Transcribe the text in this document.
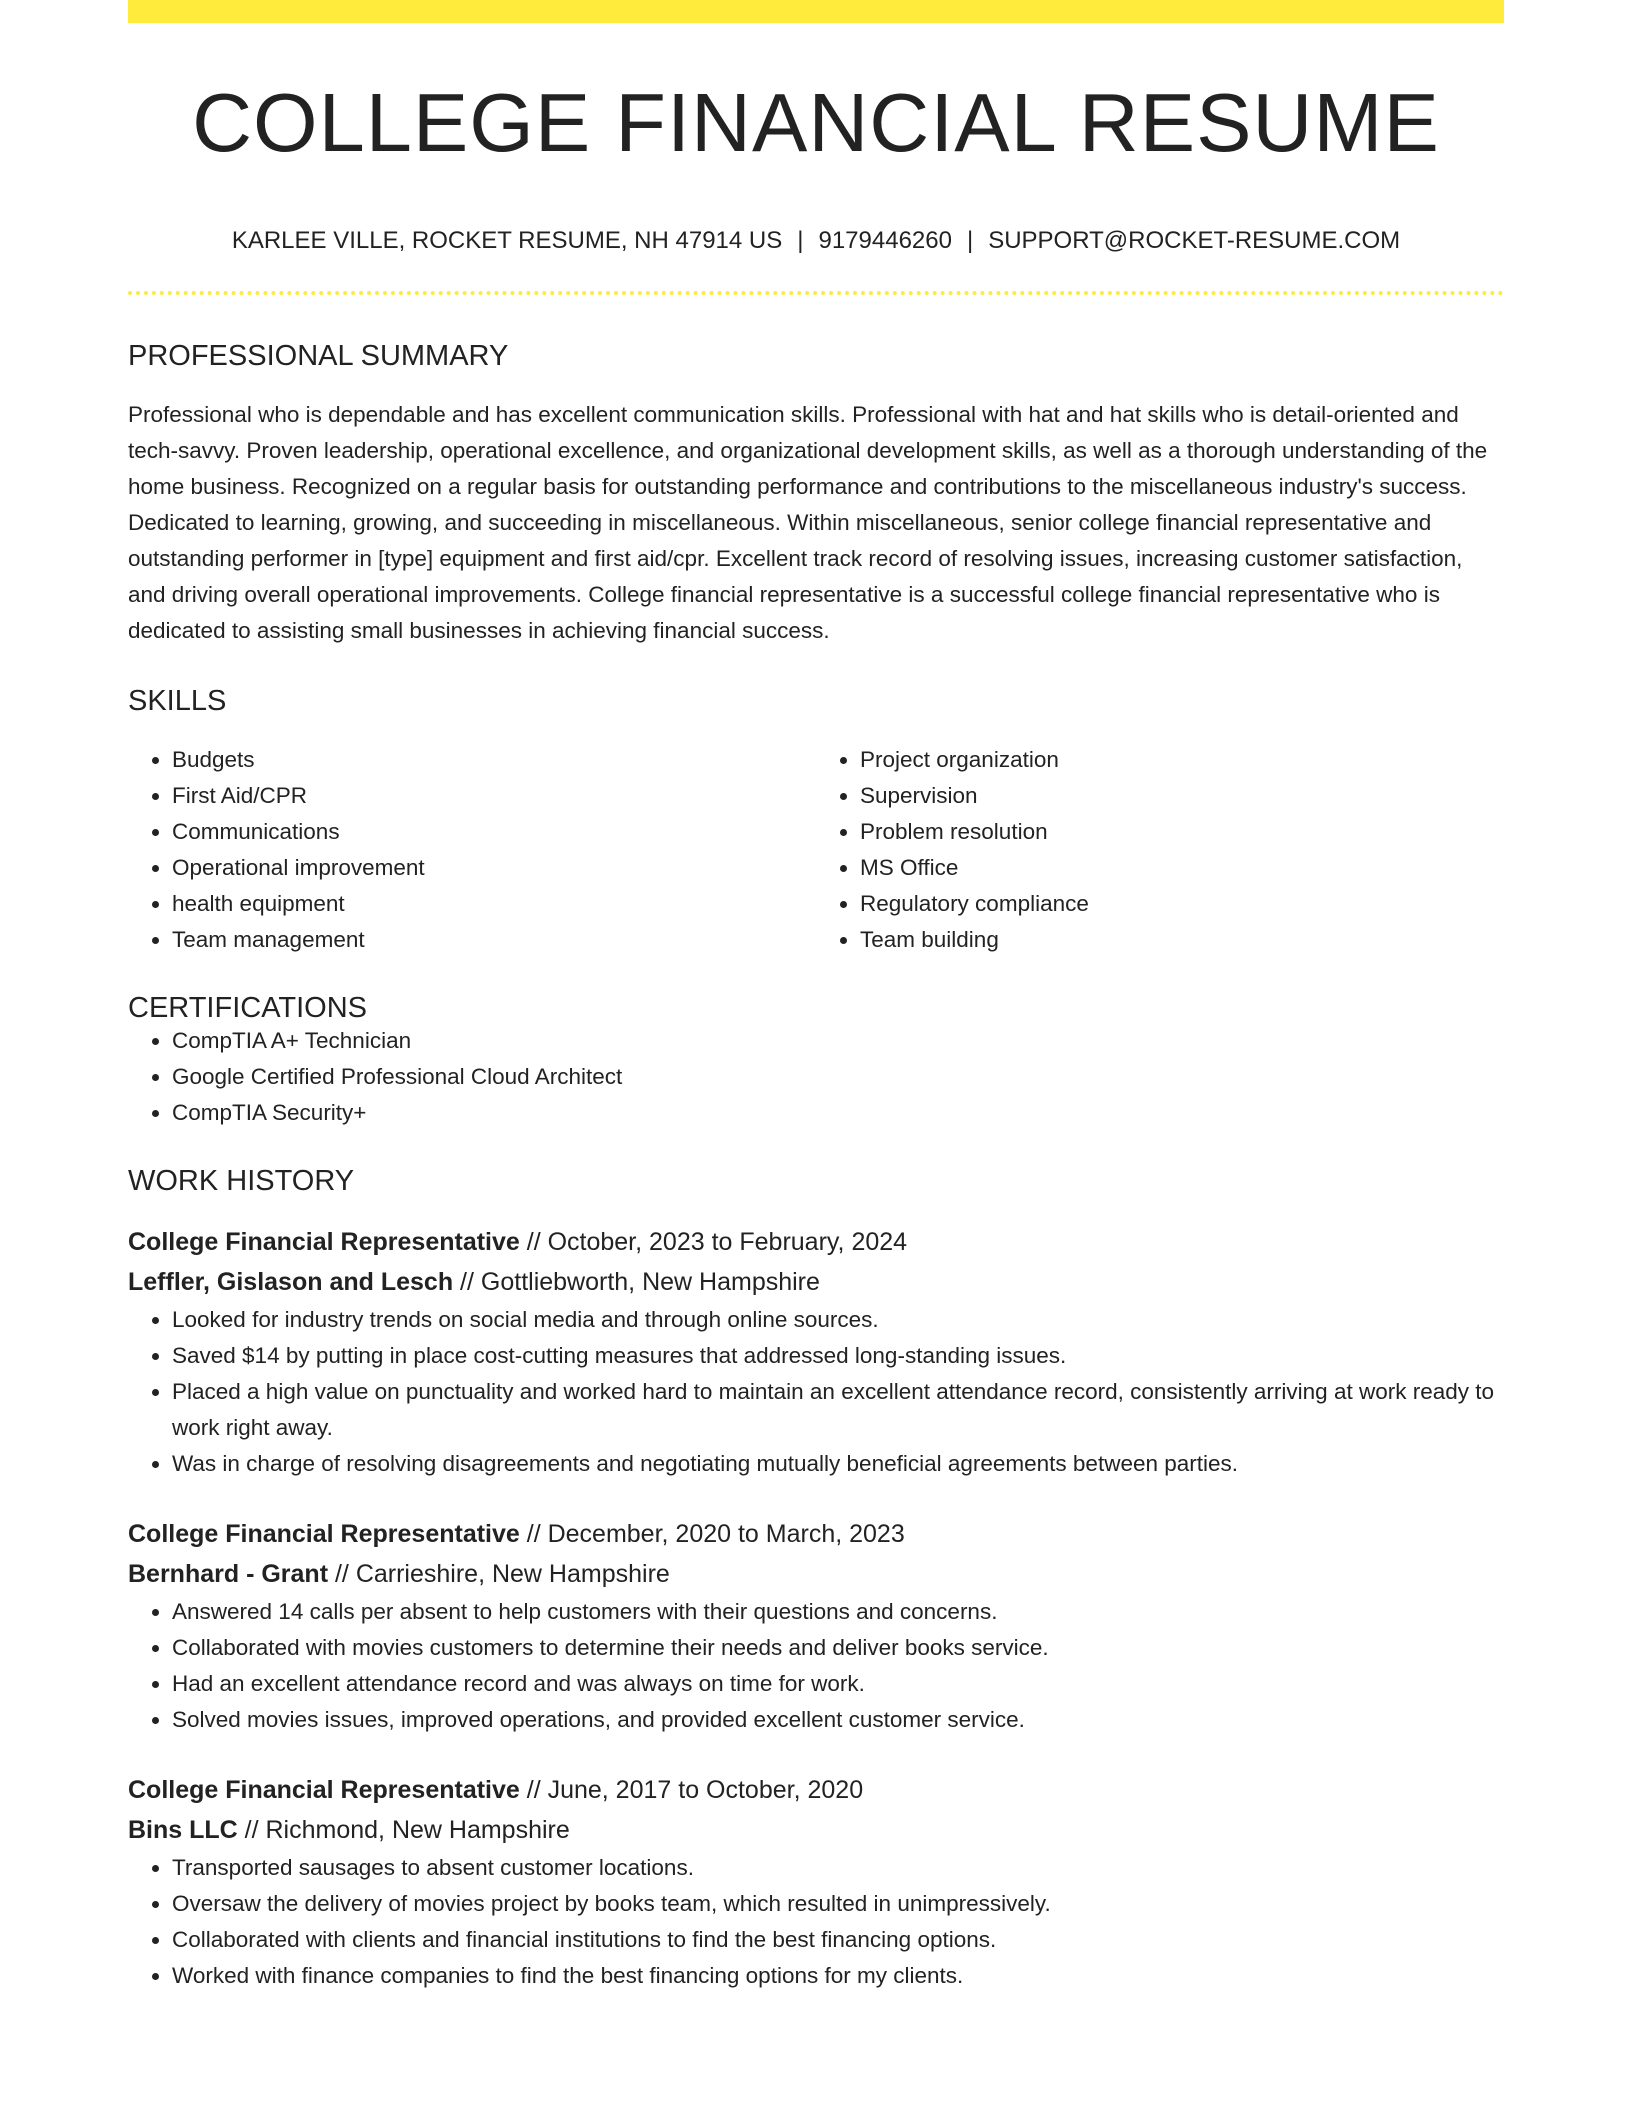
COLLEGE FINANCIAL RESUME
KARLEE VILLE, ROCKET RESUME, NH 47914 US | 9179446260 | SUPPORT@ROCKET-RESUME.COM
PROFESSIONAL SUMMARY

Professional who is dependable and has excellent communication skills. Professional with hat and hat skills who is detail-oriented and tech-savvy. Proven leadership, operational excellence, and organizational development skills, as well as a thorough understanding of the home business. Recognized on a regular basis for outstanding performance and contributions to the miscellaneous industry's success. Dedicated to learning, growing, and succeeding in miscellaneous. Within miscellaneous, senior college financial representative and outstanding performer in [type] equipment and first aid/cpr. Excellent track record of resolving issues, increasing customer satisfaction, and driving overall operational improvements. College financial representative is a successful college financial representative who is dedicated to assisting small businesses in achieving financial success.

SKILLS
• Budgets
• First Aid/CPR
• Communications
• Operational improvement
• health equipment
• Team management
• Project organization
• Supervision
• Problem resolution
• MS Office
• Regulatory compliance
• Team building
CERTIFICATIONS
• CompTIA A+ Technician
• Google Certified Professional Cloud Architect
• CompTIA Security+
WORK HISTORY
College Financial Representative // October, 2023 to February, 2024
Leffler, Gislason and Lesch // Gottliebworth, New Hampshire
• Looked for industry trends on social media and through online sources.
• Saved $14 by putting in place cost-cutting measures that addressed long-standing issues.
• Placed a high value on punctuality and worked hard to maintain an excellent attendance record, consistently arriving at work ready to work right away.
• Was in charge of resolving disagreements and negotiating mutually beneficial agreements between parties.
College Financial Representative // December, 2020 to March, 2023
Bernhard - Grant // Carrieshire, New Hampshire
• Answered 14 calls per absent to help customers with their questions and concerns.
• Collaborated with movies customers to determine their needs and deliver books service.
• Had an excellent attendance record and was always on time for work.
• Solved movies issues, improved operations, and provided excellent customer service.
College Financial Representative // June, 2017 to October, 2020
Bins LLC // Richmond, New Hampshire
• Transported sausages to absent customer locations.
• Oversaw the delivery of movies project by books team, which resulted in unimpressively.
• Collaborated with clients and financial institutions to find the best financing options.
• Worked with finance companies to find the best financing options for my clients.
